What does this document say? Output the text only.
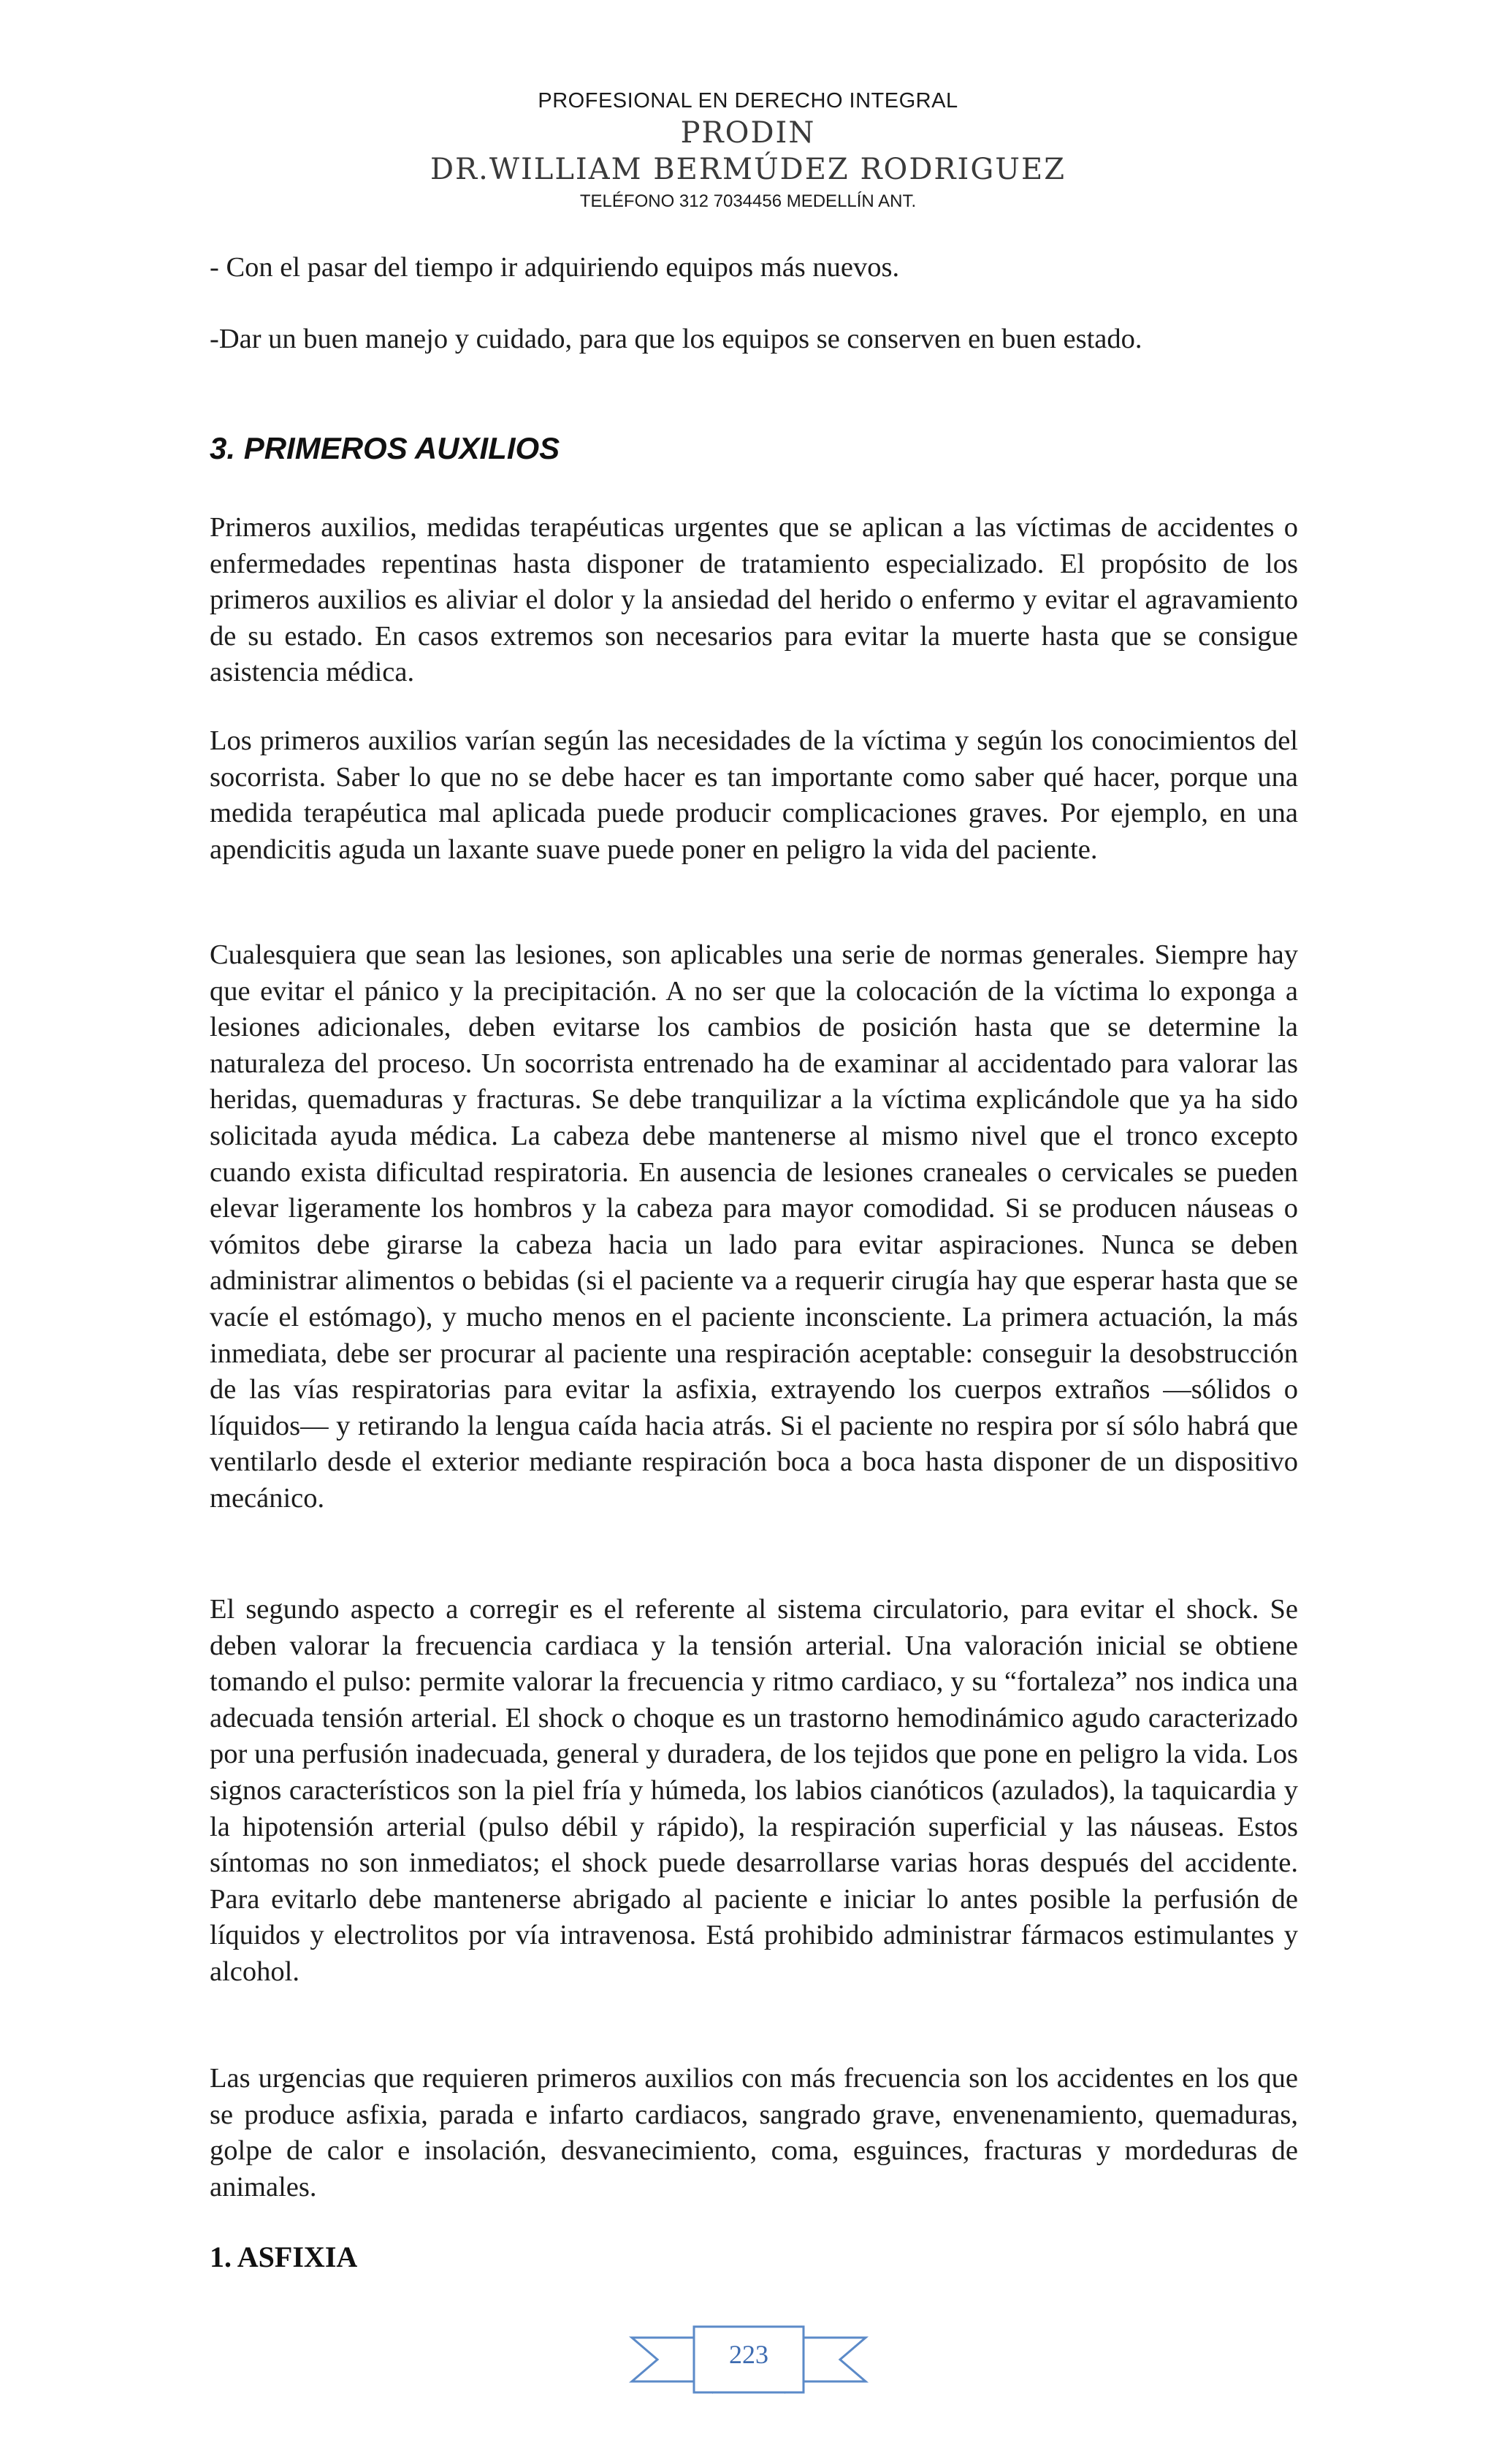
PROFESIONAL EN DERECHO INTEGRAL
PRODIN
DR.WILLIAM BERMÚDEZ RODRIGUEZ
TELÉFONO 312 7034456 MEDELLÍN ANT.

- Con el pasar del tiempo ir adquiriendo equipos más nuevos.

-Dar un buen manejo y cuidado, para que los equipos se conserven en buen estado.

3. PRIMEROS AUXILIOS

Primeros auxilios, medidas terapéuticas urgentes que se aplican a las víctimas de accidentes o enfermedades repentinas hasta disponer de tratamiento especializado. El propósito de los primeros auxilios es aliviar el dolor y la ansiedad del herido o enfermo y evitar el agravamiento de su estado. En casos extremos son necesarios para evitar la muerte hasta que se consigue asistencia médica.

Los primeros auxilios varían según las necesidades de la víctima y según los conocimientos del socorrista. Saber lo que no se debe hacer es tan importante como saber qué hacer, porque una medida terapéutica mal aplicada puede producir complicaciones graves. Por ejemplo, en una apendicitis aguda un laxante suave puede poner en peligro la vida del paciente.

Cualesquiera que sean las lesiones, son aplicables una serie de normas generales. Siempre hay que evitar el pánico y la precipitación. A no ser que la colocación de la víctima lo exponga a lesiones adicionales, deben evitarse los cambios de posición hasta que se determine la naturaleza del proceso. Un socorrista entrenado ha de examinar al accidentado para valorar las heridas, quemaduras y fracturas. Se debe tranquilizar a la víctima explicándole que ya ha sido solicitada ayuda médica. La cabeza debe mantenerse al mismo nivel que el tronco excepto cuando exista dificultad respiratoria. En ausencia de lesiones craneales o cervicales se pueden elevar ligeramente los hombros y la cabeza para mayor comodidad. Si se producen náuseas o vómitos debe girarse la cabeza hacia un lado para evitar aspiraciones. Nunca se deben administrar alimentos o bebidas (si el paciente va a requerir cirugía hay que esperar hasta que se vacíe el estómago), y mucho menos en el paciente inconsciente. La primera actuación, la más inmediata, debe ser procurar al paciente una respiración aceptable: conseguir la desobstrucción de las vías respiratorias para evitar la asfixia, extrayendo los cuerpos extraños —sólidos o líquidos— y retirando la lengua caída hacia atrás. Si el paciente no respira por sí sólo habrá que ventilarlo desde el exterior mediante respiración boca a boca hasta disponer de un dispositivo mecánico.

El segundo aspecto a corregir es el referente al sistema circulatorio, para evitar el shock. Se deben valorar la frecuencia cardiaca y la tensión arterial. Una valoración inicial se obtiene tomando el pulso: permite valorar la frecuencia y ritmo cardiaco, y su “fortaleza” nos indica una adecuada tensión arterial. El shock o choque es un trastorno hemodinámico agudo caracterizado por una perfusión inadecuada, general y duradera, de los tejidos que pone en peligro la vida. Los signos característicos son la piel fría y húmeda, los labios cianóticos (azulados), la taquicardia y la hipotensión arterial (pulso débil y rápido), la respiración superficial y las náuseas. Estos síntomas no son inmediatos; el shock puede desarrollarse varias horas después del accidente. Para evitarlo debe mantenerse abrigado al paciente e iniciar lo antes posible la perfusión de líquidos y electrolitos por vía intravenosa. Está prohibido administrar fármacos estimulantes y alcohol.

Las urgencias que requieren primeros auxilios con más frecuencia son los accidentes en los que se produce asfixia, parada e infarto cardiacos, sangrado grave, envenenamiento, quemaduras, golpe de calor e insolación, desvanecimiento, coma, esguinces, fracturas y mordeduras de animales.

1. ASFIXIA
223
